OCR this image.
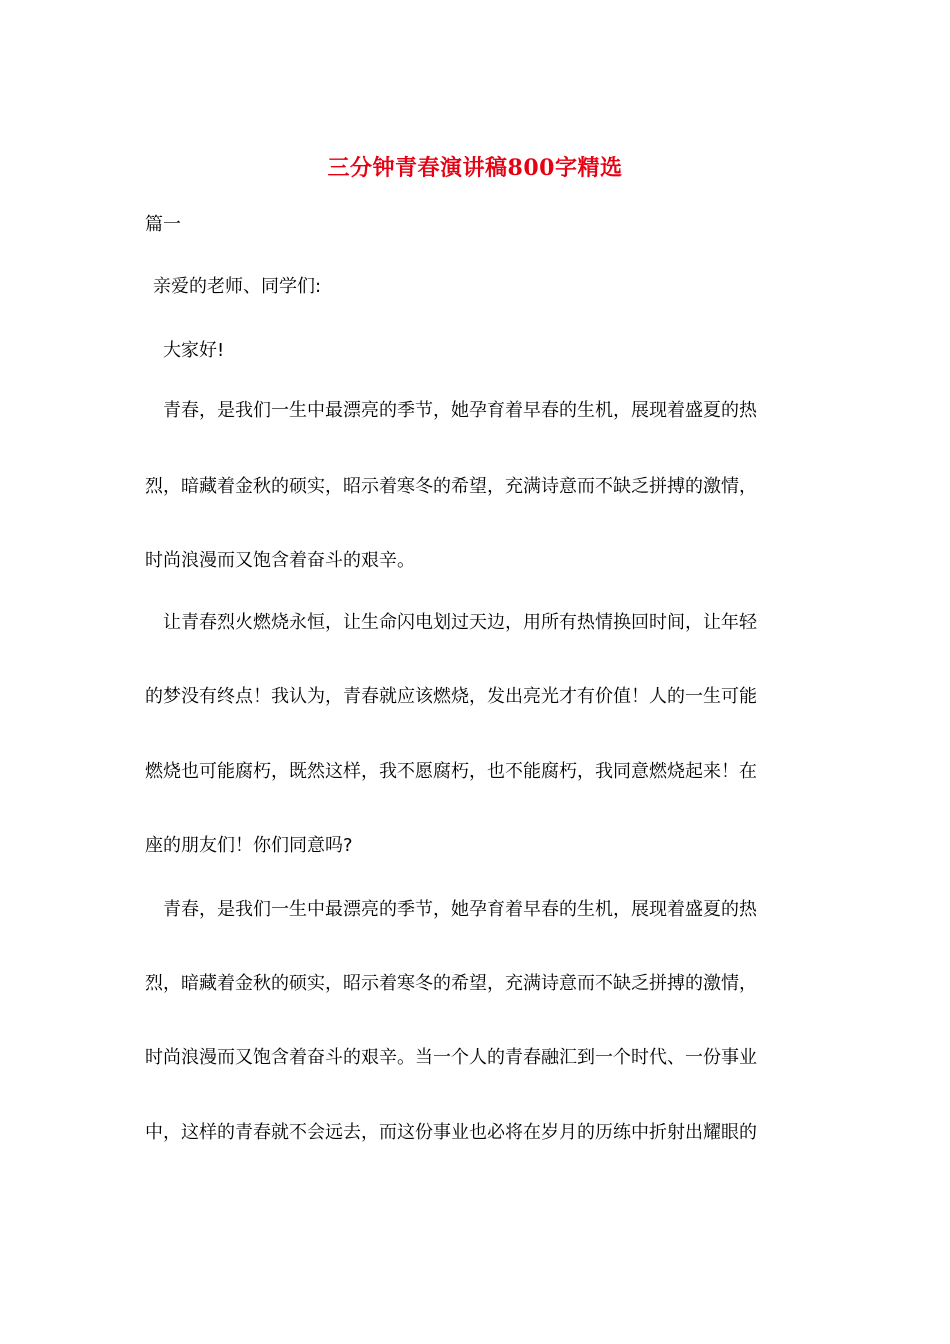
三分钟青春演讲稿800字精选
篇一
亲爱的老师、同学们:
大家好!
青春，是我们一生中最漂亮的季节，她孕育着早春的生机，展现着盛夏的热
烈，暗藏着金秋的硕实，昭示着寒冬的希望，充满诗意而不缺乏拼搏的激情，
时尚浪漫而又饱含着奋斗的艰辛。
让青春烈火燃烧永恒，让生命闪电划过天边，用所有热情换回时间，让年轻
的梦没有终点！我认为，青春就应该燃烧，发出亮光才有价值！人的一生可能
燃烧也可能腐朽，既然这样，我不愿腐朽，也不能腐朽，我同意燃烧起来！在
座的朋友们！你们同意吗?
青春，是我们一生中最漂亮的季节，她孕育着早春的生机，展现着盛夏的热
烈，暗藏着金秋的硕实，昭示着寒冬的希望，充满诗意而不缺乏拼搏的激情，
时尚浪漫而又饱含着奋斗的艰辛。当一个人的青春融汇到一个时代、一份事业
中，这样的青春就不会远去，而这份事业也必将在岁月的历练中折射出耀眼的
